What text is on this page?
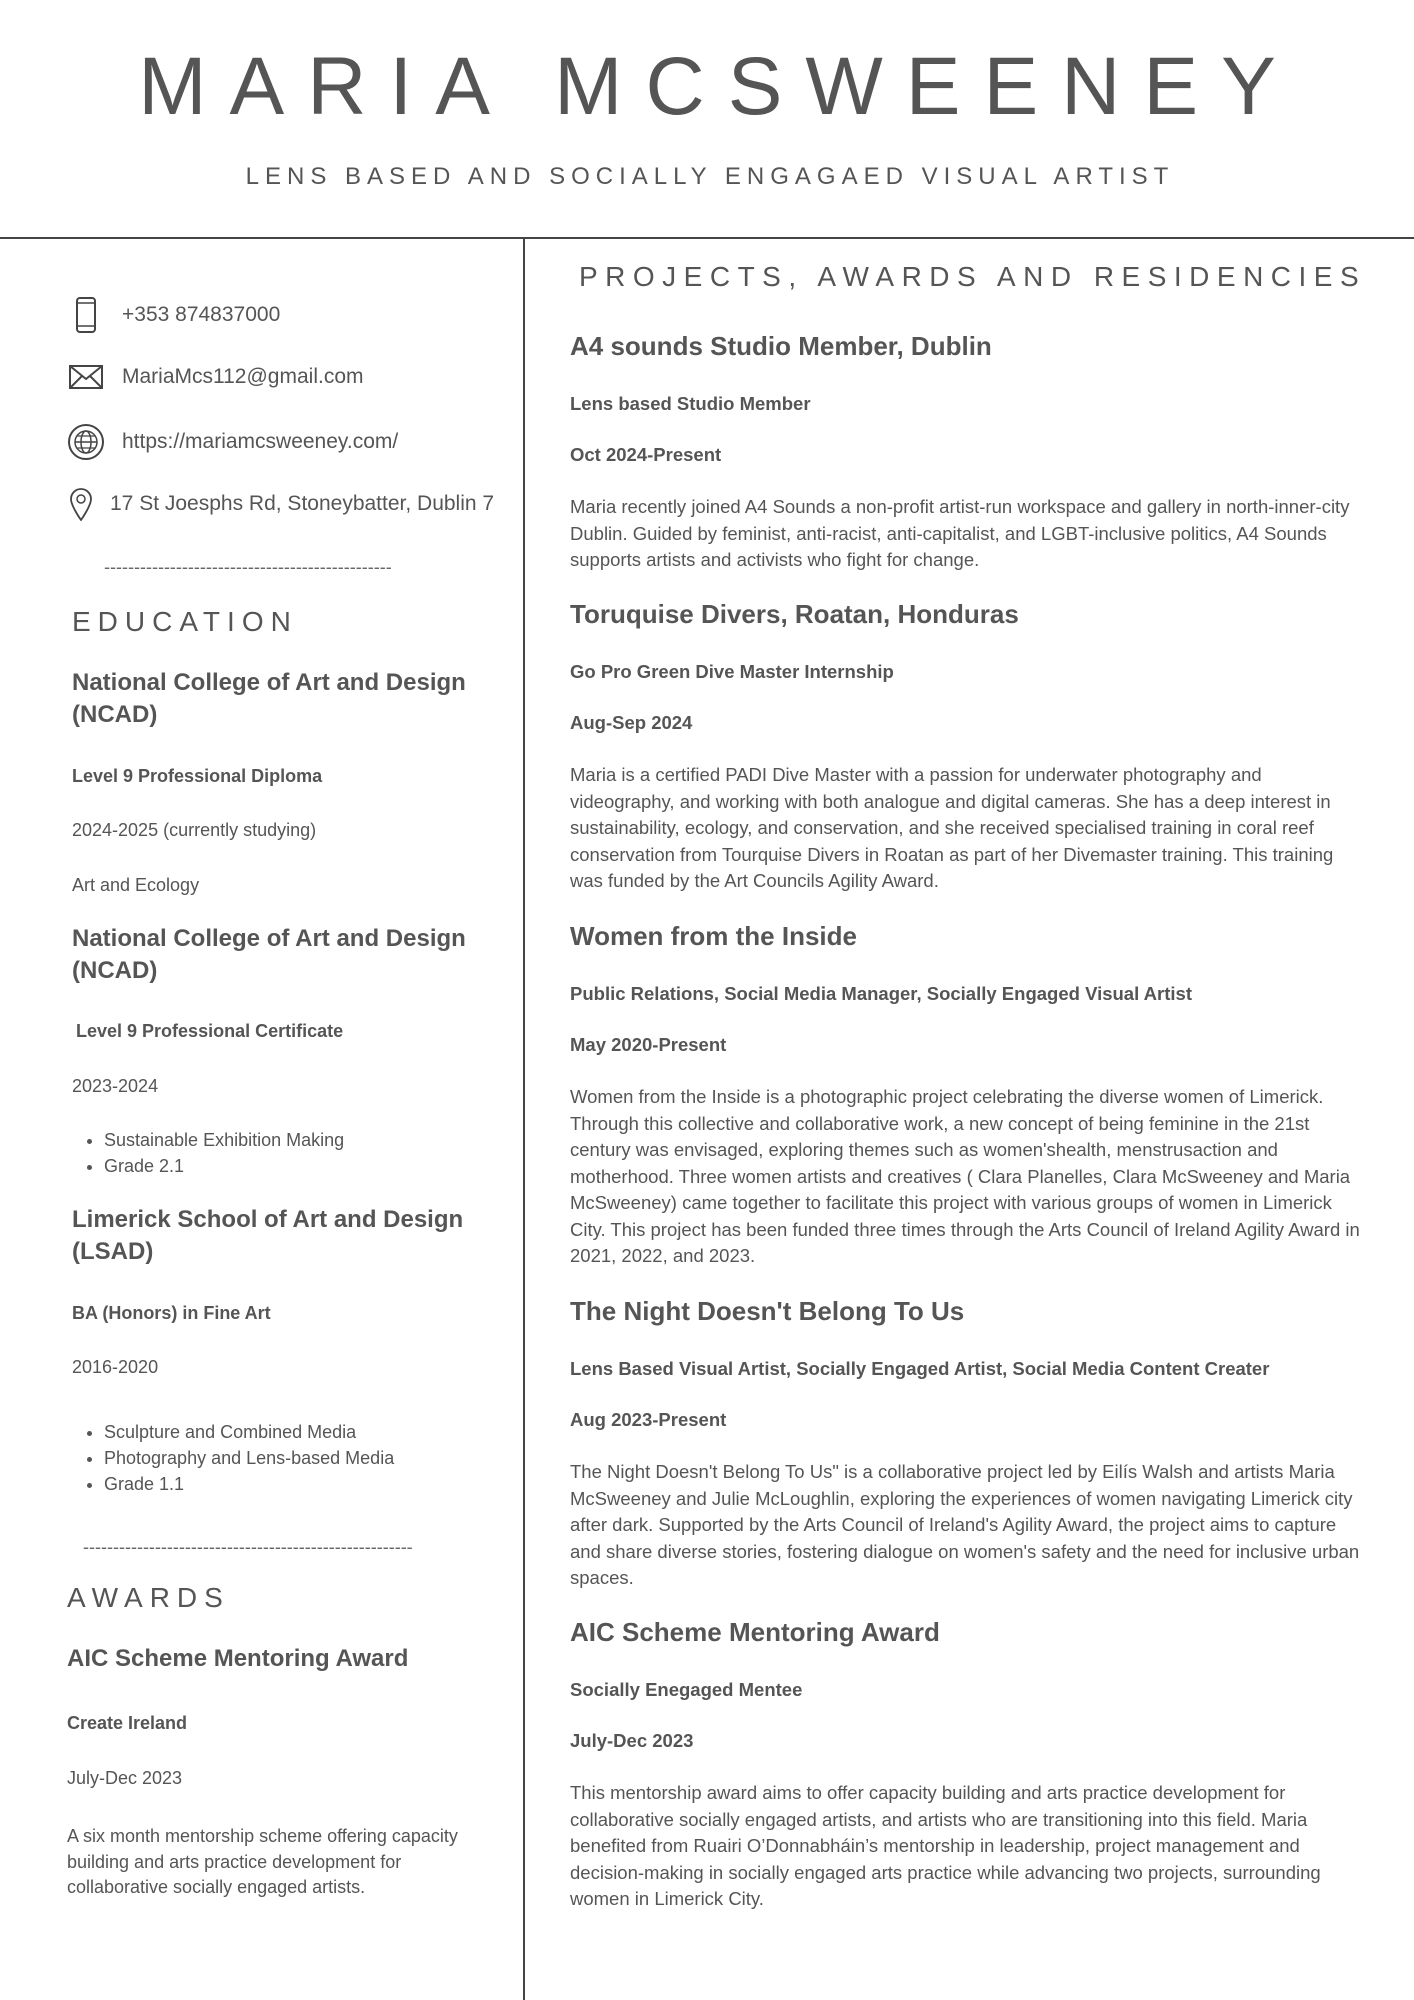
MARIA MCSWEENEY

LENS BASED AND SOCIALLY ENGAGAED VISUAL ARTIST

+353 874837000
MariaMcs112@gmail.com
https://mariamcsweeney.com/
17 St Joesphs Rd, Stoneybatter, Dublin 7
------------------------------------------------
EDUCATION

National College of Art and Design (NCAD)

Level 9 Professional Diploma

2024-2025 (currently studying)

Art and Ecology

National College of Art and Design (NCAD)

Level 9 Professional Certificate

2023-2024

• Sustainable Exhibition Making
• Grade 2.1

Limerick School of Art and Design (LSAD)

BA (Honors) in Fine Art

2016-2020

• Sculpture and Combined Media
• Photography and Lens-based Media
• Grade 1.1
-------------------------------------------------------
AWARDS

AIC Scheme Mentoring Award

Create Ireland

July-Dec 2023

A six month mentorship scheme offering capacity building and arts practice development for collaborative socially engaged artists.

PROJECTS, AWARDS AND RESIDENCIES

A4 sounds Studio Member, Dublin

Lens based Studio Member

Oct 2024-Present

Maria recently joined A4 Sounds a non-profit artist-run workspace and gallery in north-inner-city Dublin. Guided by feminist, anti-racist, anti-capitalist, and LGBT-inclusive politics, A4 Sounds supports artists and activists who fight for change.

Toruquise Divers, Roatan, Honduras

Go Pro Green Dive Master Internship

Aug-Sep 2024

Maria is a certified PADI Dive Master with a passion for underwater photography and videography, and working with both analogue and digital cameras. She has a deep interest in sustainability, ecology, and conservation, and she received specialised training in coral reef conservation from Tourquise Divers in Roatan as part of her Divemaster training. This training was funded by the Art Councils Agility Award.

Women from the Inside

Public Relations, Social Media Manager, Socially Engaged Visual Artist

May 2020-Present

Women from the Inside is a photographic project celebrating the diverse women of Limerick. Through this collective and collaborative work, a new concept of being feminine in the 21st century was envisaged, exploring themes such as women'shealth, menstrusaction and motherhood. Three women artists and creatives ( Clara Planelles, Clara McSweeney and Maria McSweeney) came together to facilitate this project with various groups of women in Limerick City. This project has been funded three times through the Arts Council of Ireland Agility Award in 2021, 2022, and 2023.

The Night Doesn't Belong To Us

Lens Based Visual Artist, Socially Engaged Artist, Social Media Content Creater

Aug 2023-Present

The Night Doesn't Belong To Us" is a collaborative project led by Eilís Walsh and artists Maria McSweeney and Julie McLoughlin, exploring the experiences of women navigating Limerick city after dark. Supported by the Arts Council of Ireland's Agility Award, the project aims to capture and share diverse stories, fostering dialogue on women's safety and the need for inclusive urban spaces.

AIC Scheme Mentoring Award

Socially Enegaged Mentee

July-Dec 2023

This mentorship award aims to offer capacity building and arts practice development for collaborative socially engaged artists, and artists who are transitioning into this field. Maria benefited from Ruairi O’Donnabháin’s mentorship in leadership, project management and decision-making in socially engaged arts practice while advancing two projects, surrounding women in Limerick City.
